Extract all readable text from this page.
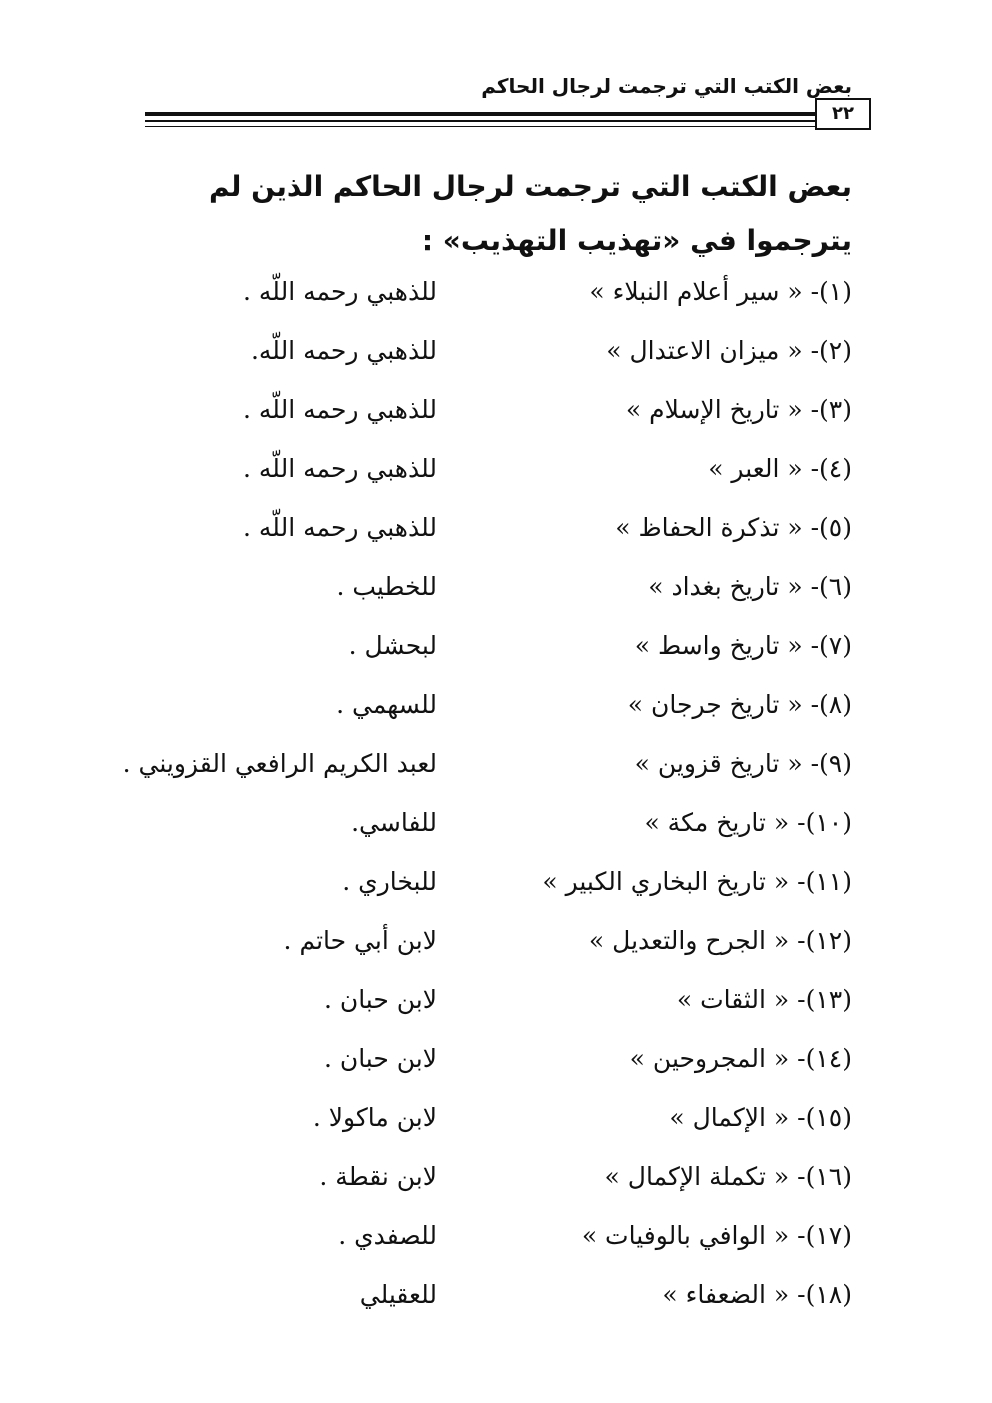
بعض الكتب التي ترجمت لرجال الحاكم
٢٢
بعض الكتب التي ترجمت لرجال الحاكم الذين لم يترجموا في «تهذيب التهذيب» :
(١)- « سير أعلام النبلاء »
للذهبي رحمه اللّه .
(٢)- « ميزان الاعتدال »
للذهبي رحمه اللّه.
(٣)- « تاريخ الإسلام »
للذهبي رحمه اللّه .
(٤)- « العبر »
للذهبي رحمه اللّه .
(٥)- « تذكرة الحفاظ »
للذهبي رحمه اللّه .
(٦)- « تاريخ بغداد »
للخطيب .
(٧)- « تاريخ واسط »
لبحشل .
(٨)- « تاريخ جرجان »
للسهمي .
(٩)- « تاريخ قزوين »
لعبد الكريم الرافعي القزويني .
(١٠)- « تاريخ مكة »
للفاسي.
(١١)- « تاريخ البخاري الكبير »
للبخاري .
(١٢)- « الجرح والتعديل »
لابن أبي حاتم .
(١٣)- « الثقات »
لابن حبان .
(١٤)- « المجروحين »
لابن حبان .
(١٥)- « الإكمال »
لابن ماكولا .
(١٦)- « تكملة الإكمال »
لابن نقطة .
(١٧)- « الوافي بالوفيات »
للصفدي .
(١٨)- « الضعفاء »
للعقيلي
